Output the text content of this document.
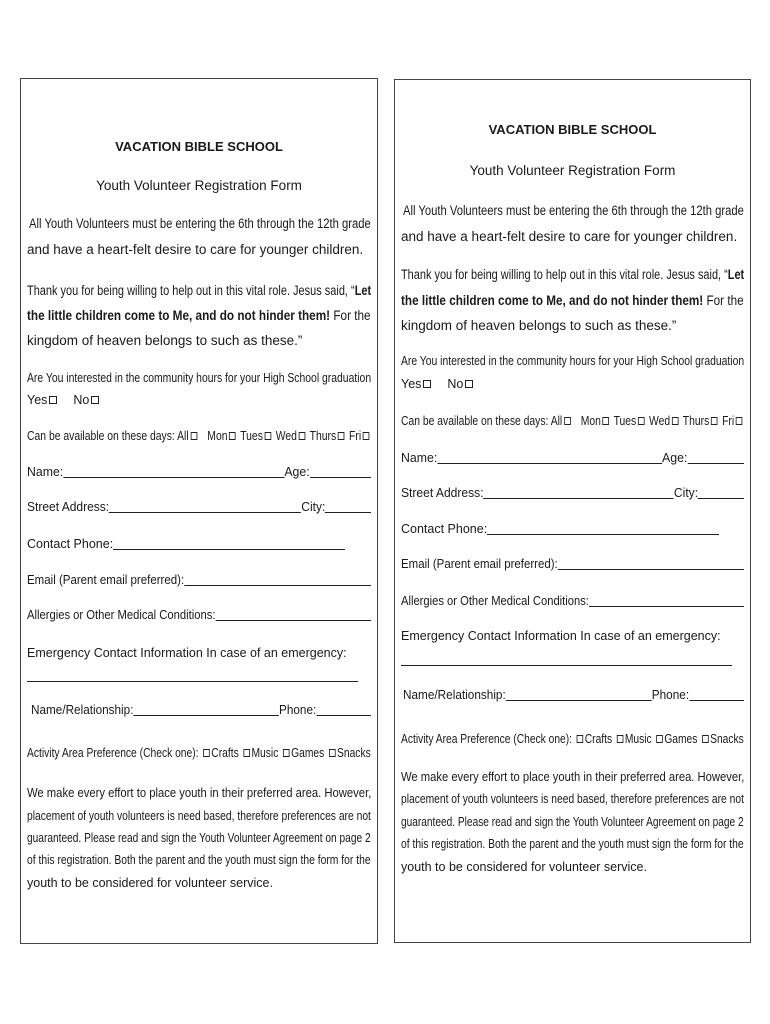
VACATION BIBLE SCHOOL
Youth Volunteer Registration Form
All Youth Volunteers must be entering the 6th through the 12th grade
and have a heart-felt desire to care for younger children.
Thank you for being willing to help out in this vital role. Jesus said, “Let
the little children come to Me, and do not hinder them! For the
kingdom of heaven belongs to such as these.”
Are You interested in the community hours for your High School graduation
Yes No
Can be available on these days: All Mon Tues Wed Thurs Fri
Name:	Age:
Street Address:	City:
Contact Phone:
Email (Parent email preferred):
Allergies or Other Medical Conditions:
Emergency Contact Information In case of an emergency:
Name/Relationship:	Phone:
Activity Area Preference (Check one): Crafts Music Games Snacks
We make every effort to place youth in their preferred area. However,
placement of youth volunteers is need based, therefore preferences are not
guaranteed. Please read and sign the Youth Volunteer Agreement on page 2
of this registration. Both the parent and the youth must sign the form for the
youth to be considered for volunteer service.
VACATION BIBLE SCHOOL
Youth Volunteer Registration Form
All Youth Volunteers must be entering the 6th through the 12th grade
and have a heart-felt desire to care for younger children.
Thank you for being willing to help out in this vital role. Jesus said, “Let
the little children come to Me, and do not hinder them! For the
kingdom of heaven belongs to such as these.”
Are You interested in the community hours for your High School graduation
Yes No
Can be available on these days: All Mon Tues Wed Thurs Fri
Name:	Age:
Street Address:	City:
Contact Phone:
Email (Parent email preferred):
Allergies or Other Medical Conditions:
Emergency Contact Information In case of an emergency:
Name/Relationship:	Phone:
Activity Area Preference (Check one): Crafts Music Games Snacks
We make every effort to place youth in their preferred area. However,
placement of youth volunteers is need based, therefore preferences are not
guaranteed. Please read and sign the Youth Volunteer Agreement on page 2
of this registration. Both the parent and the youth must sign the form for the
youth to be considered for volunteer service.
